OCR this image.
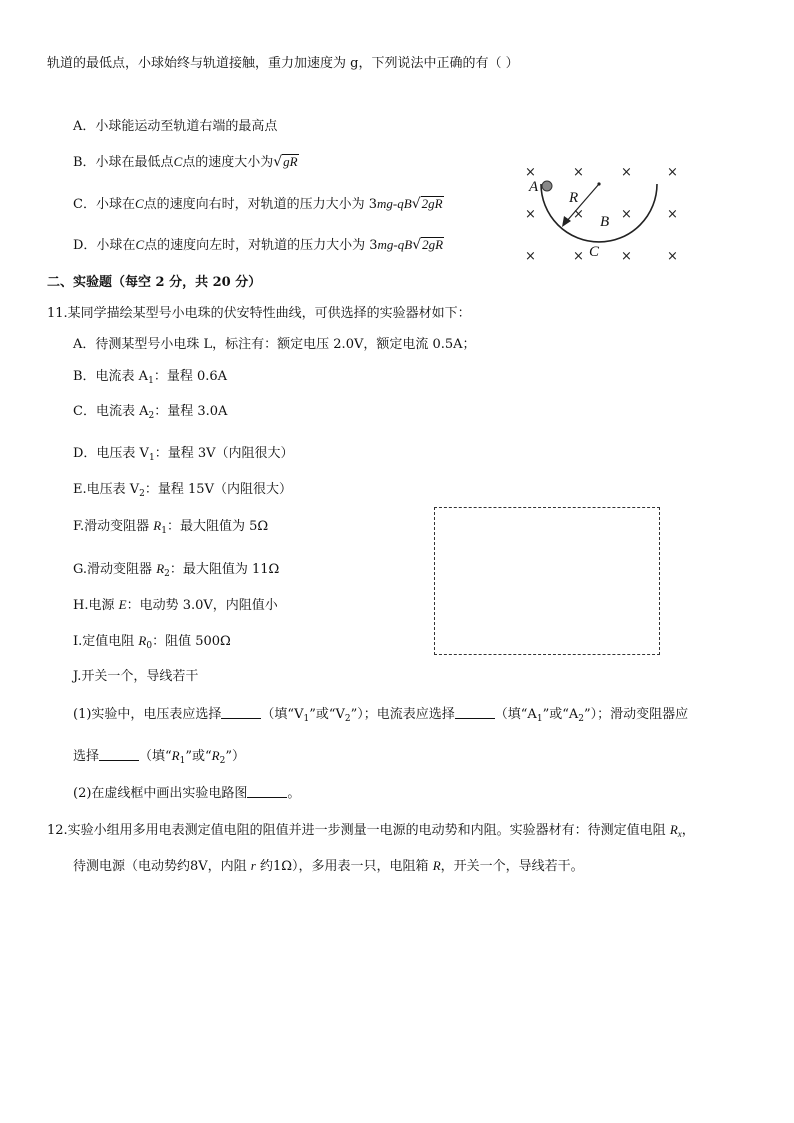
轨道的最低点，小球始终与轨道接触，重力加速度为 g，下列说法中正确的有（ ）
A．小球能运动至轨道右端的最高点
B．小球在最低点C点的速度大小为√gR
C．小球在C点的速度向右时，对轨道的压力大小为 3mg-qB√2gR
D．小球在C点的速度向左时，对轨道的压力大小为 3mg-qB√2gR
×	×	×	×
×	×	×	×
×	×	×	×
A
R
B
C
二、实验题（每空 2 分，共 20 分）
11.某同学描绘某型号小电珠的伏安特性曲线，可供选择的实验器材如下：
A．待测某型号小电珠 L，标注有：额定电压 2.0V，额定电流 0.5A；
B．电流表 $A_1$：量程 0.6A
C．电流表 $A_2$：量程 3.0A
D．电压表 $V_1$：量程 3V（内阻很大）
E.电压表 $V_2$：量程 15V（内阻很大）
F.滑动变阻器 $R_1$：最大阻值为 5Ω
G.滑动变阻器 $R_2$：最大阻值为 11Ω
H.电源 E：电动势 3.0V，内阻值小
I.定值电阻 $R_0$：阻值 500Ω
J.开关一个，导线若干
(1)实验中，电压表应选择	（填“$V_1$”或“$V_2$”）；电流表应选择	（填“$A_1$”或“$A_2$”）；滑动变阻器应
选择	（填“$R_1$”或“$R_2$”）
(2)在虚线框中画出实验电路图	。
12.实验小组用多用电表测定值电阻的阻值并进一步测量一电源的电动势和内阻。实验器材有：待测定值电阻 $R_x$，
待测电源（电动势约8V，内阻 r 约1Ω），多用表一只，电阻箱 R，开关一个，导线若干。
